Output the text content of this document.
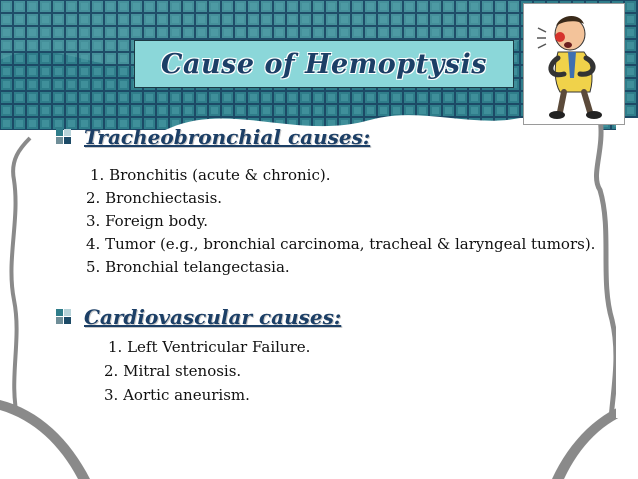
Cause of Hemoptysis
Tracheobronchial causes:
1. Bronchitis (acute & chronic).
2. Bronchiectasis.
3. Foreign body.
4. Tumor (e.g., bronchial carcinoma, tracheal & laryngeal tumors).
5. Bronchial telangectasia.
Cardiovascular causes:
1. Left Ventricular Failure.
2. Mitral stenosis.
3. Aortic aneurism.
